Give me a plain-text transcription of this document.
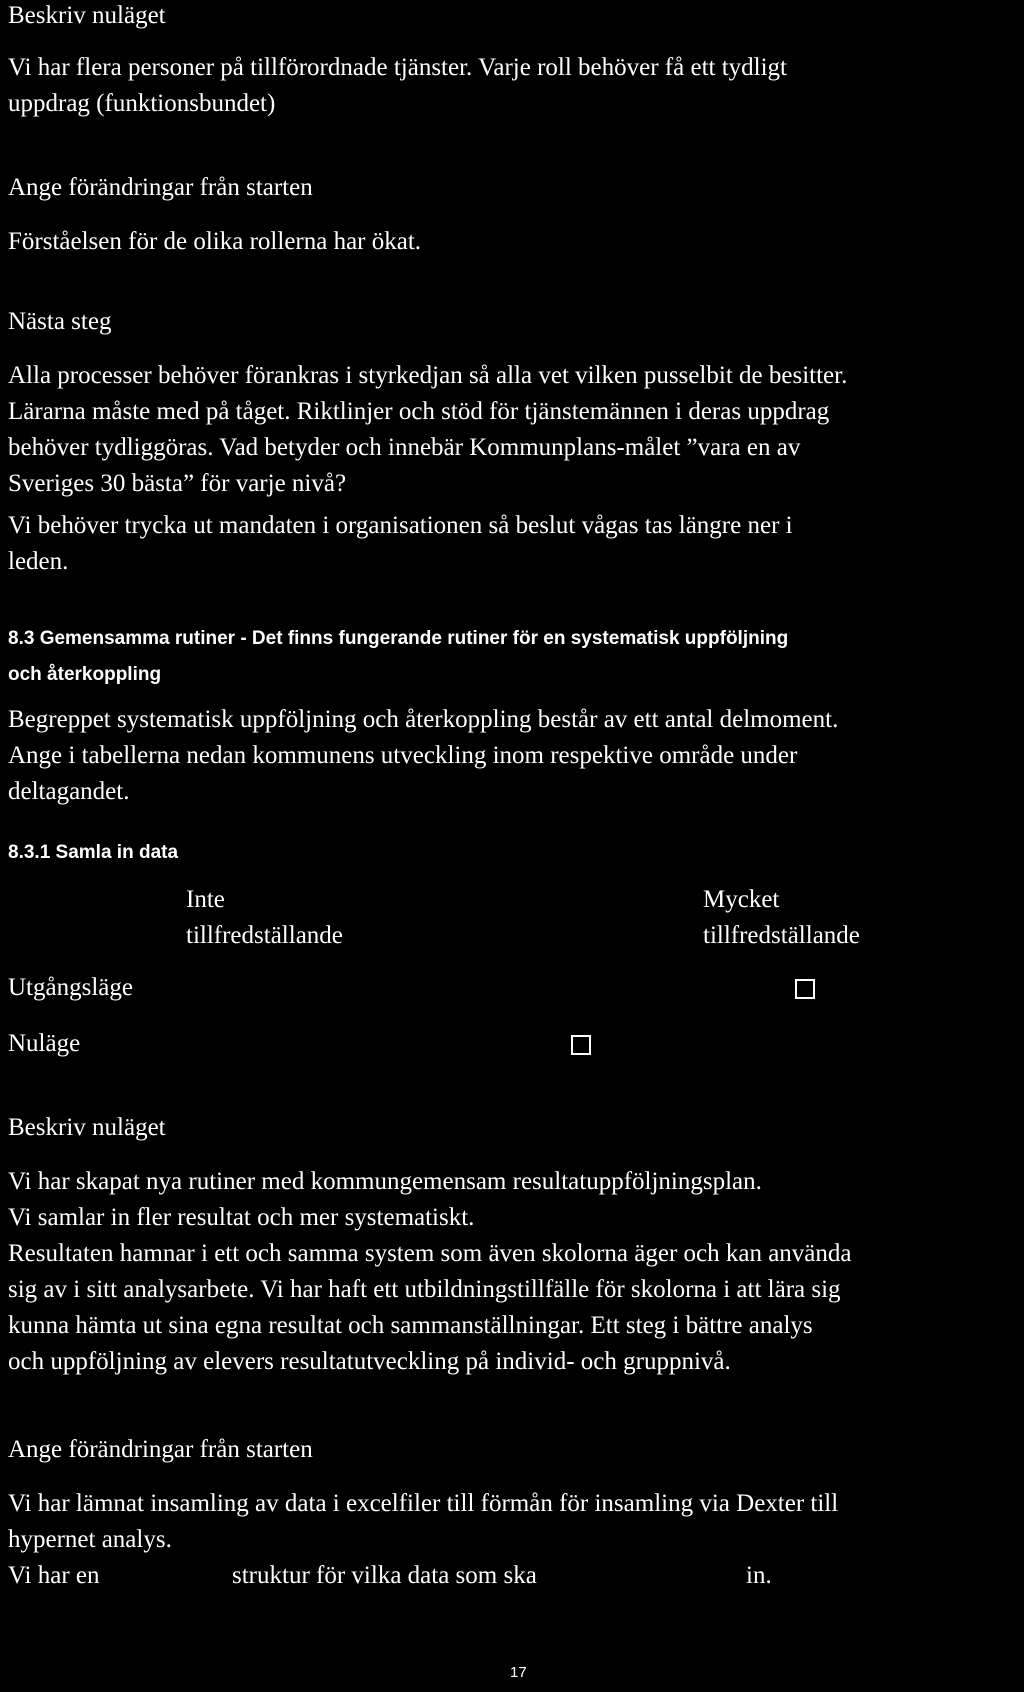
Beskriv nuläget

Vi har flera personer på tillförordnade tjänster. Varje roll behöver få ett tydligt

uppdrag (funktionsbundet)

Ange förändringar från starten

Förståelsen för de olika rollerna har ökat.

Nästa steg

Alla processer behöver förankras i styrkedjan så alla vet vilken pusselbit de besitter.

Lärarna måste med på tåget. Riktlinjer och stöd för tjänstemännen i deras uppdrag

behöver tydliggöras. Vad betyder och innebär Kommunplans-målet ”vara en av

Sveriges 30 bästa” för varje nivå?

Vi behöver trycka ut mandaten i organisationen så beslut vågas tas längre ner i

leden.

8.3 Gemensamma rutiner - Det finns fungerande rutiner för en systematisk uppföljning

och återkoppling

Begreppet systematisk uppföljning och återkoppling består av ett antal delmoment.

Ange i tabellerna nedan kommunens utveckling inom respektive område under

deltagandet.

8.3.1 Samla in data

Inte

tillfredställande

Mycket

tillfredställande

Utgångsläge

Nuläge

Beskriv nuläget

Vi har skapat nya rutiner med kommungemensam resultatuppföljningsplan.

Vi samlar in fler resultat och mer systematiskt.

Resultaten hamnar i ett och samma system som även skolorna äger och kan använda

sig av i sitt analysarbete. Vi har haft ett utbildningstillfälle för skolorna i att lära sig

kunna hämta ut sina egna resultat och sammanställningar. Ett steg i bättre analys

och uppföljning av elevers resultatutveckling på individ- och gruppnivå.

Ange förändringar från starten

Vi har lämnat insamling av data i excelfiler till förmån för insamling via Dexter till

hypernet analys.

Vi har en	struktur för vilka data som ska	in.

17
